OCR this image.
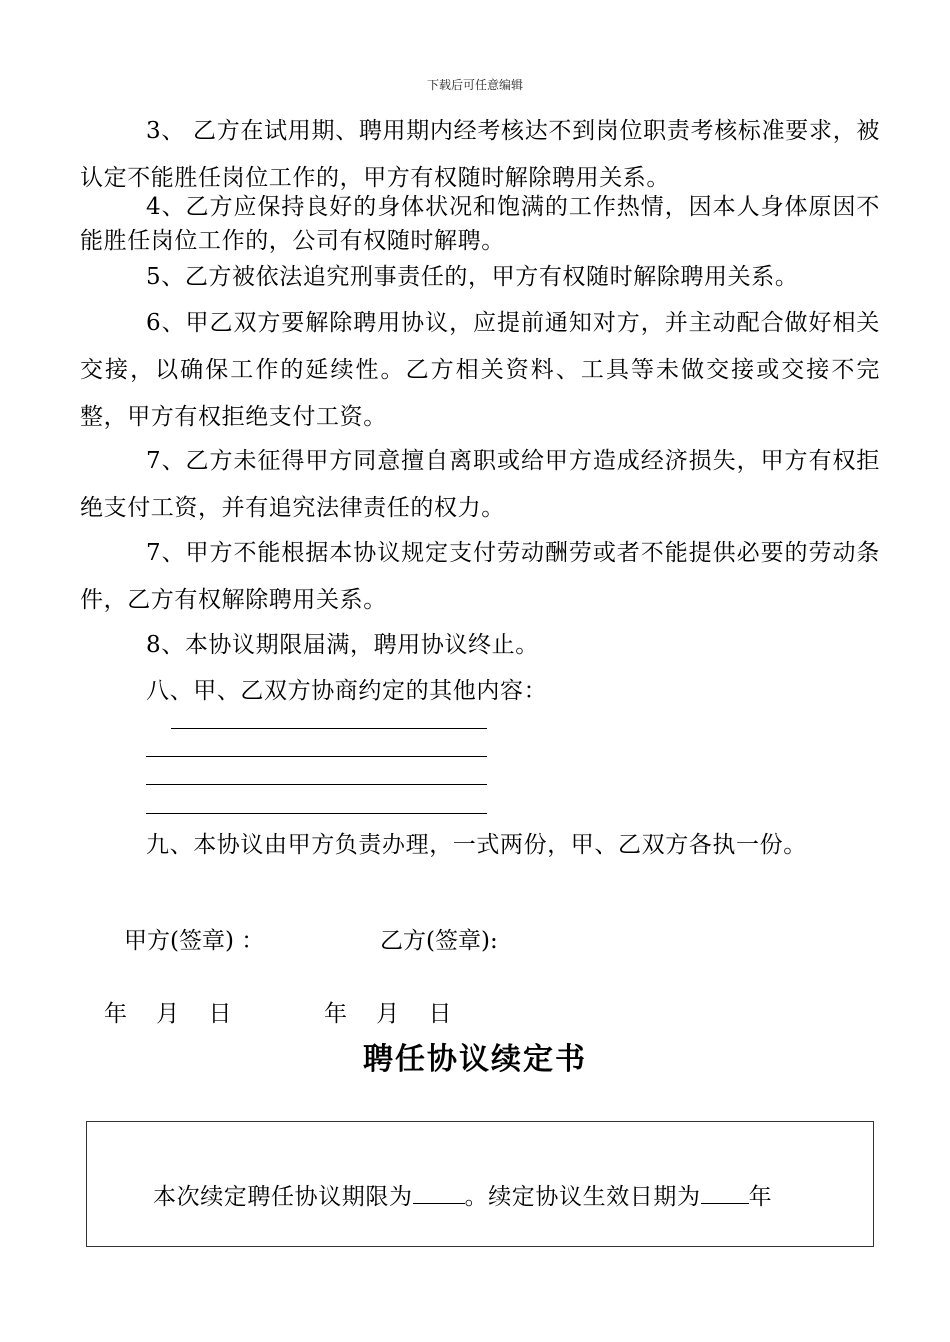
下载后可任意编辑

3、 乙方在试用期、聘用期内经考核达不到岗位职责考核标准要求，被认定不能胜任岗位工作的，甲方有权随时解除聘用关系。

4、乙方应保持良好的身体状况和饱满的工作热情，因本人身体原因不能胜任岗位工作的，公司有权随时解聘。

5、乙方被依法追究刑事责任的，甲方有权随时解除聘用关系。

6、甲乙双方要解除聘用协议，应提前通知对方，并主动配合做好相关交接，以确保工作的延续性。乙方相关资料、工具等未做交接或交接不完整，甲方有权拒绝支付工资。

7、乙方未征得甲方同意擅自离职或给甲方造成经济损失，甲方有权拒绝支付工资，并有追究法律责任的权力。

7、甲方不能根据本协议规定支付劳动酬劳或者不能提供必要的劳动条件，乙方有权解除聘用关系。

8、本协议期限届满，聘用协议终止。

八、甲、乙双方协商约定的其他内容：

九、本协议由甲方负责办理，一式两份，甲、乙双方各执一份。

甲方(签章) ：	乙方(签章):
年    月    日	年    月    日
聘任协议续定书
本次续定聘任协议期限为 。续定协议生效日期为 年
